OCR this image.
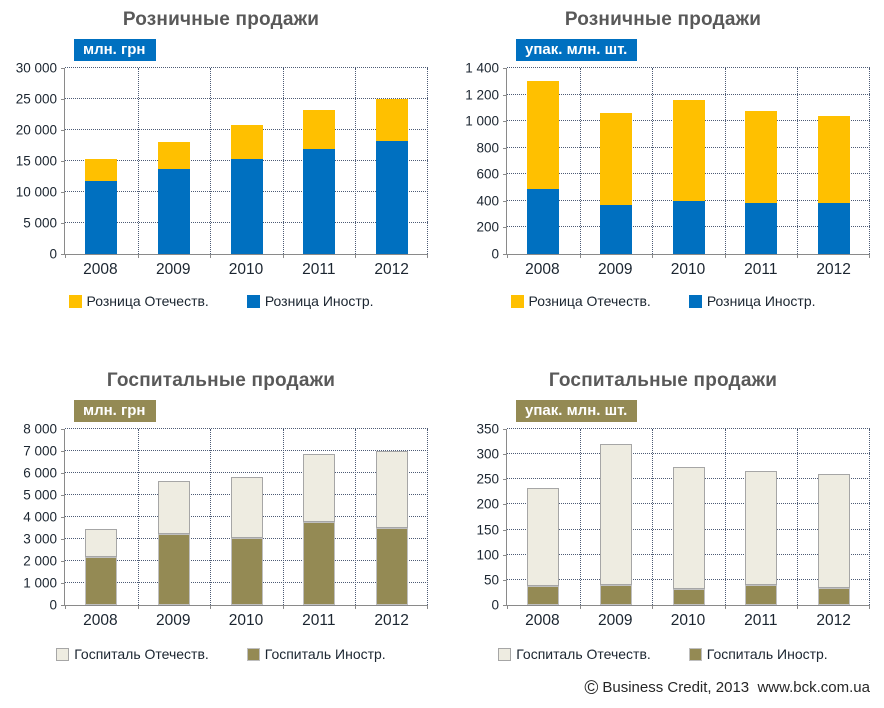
Розничные продажи
млн. грн
0
5 000
10 000
15 000
20 000
25 000
30 000
2008	2009	2010	2011	2012
Розница Отечеств.	Розница Иностр.
Розничные продажи
упак. млн. шт.
0
200
400
600
800
1 000
1 200
1 400
2008	2009	2010	2011	2012
Розница Отечеств.	Розница Иностр.
Госпитальные продажи
млн. грн
0
1 000
2 000
3 000
4 000
5 000
6 000
7 000
8 000
2008	2009	2010	2011	2012
Госпиталь Отечеств.	Госпиталь Иностр.
Госпитальные продажи
упак. млн. шт.
0
50
100
150
200
250
300
350
2008	2009	2010	2011	2012
Госпиталь Отечеств.	Госпиталь Иностр.
© Business Credit, 2013  www.bck.com.ua
